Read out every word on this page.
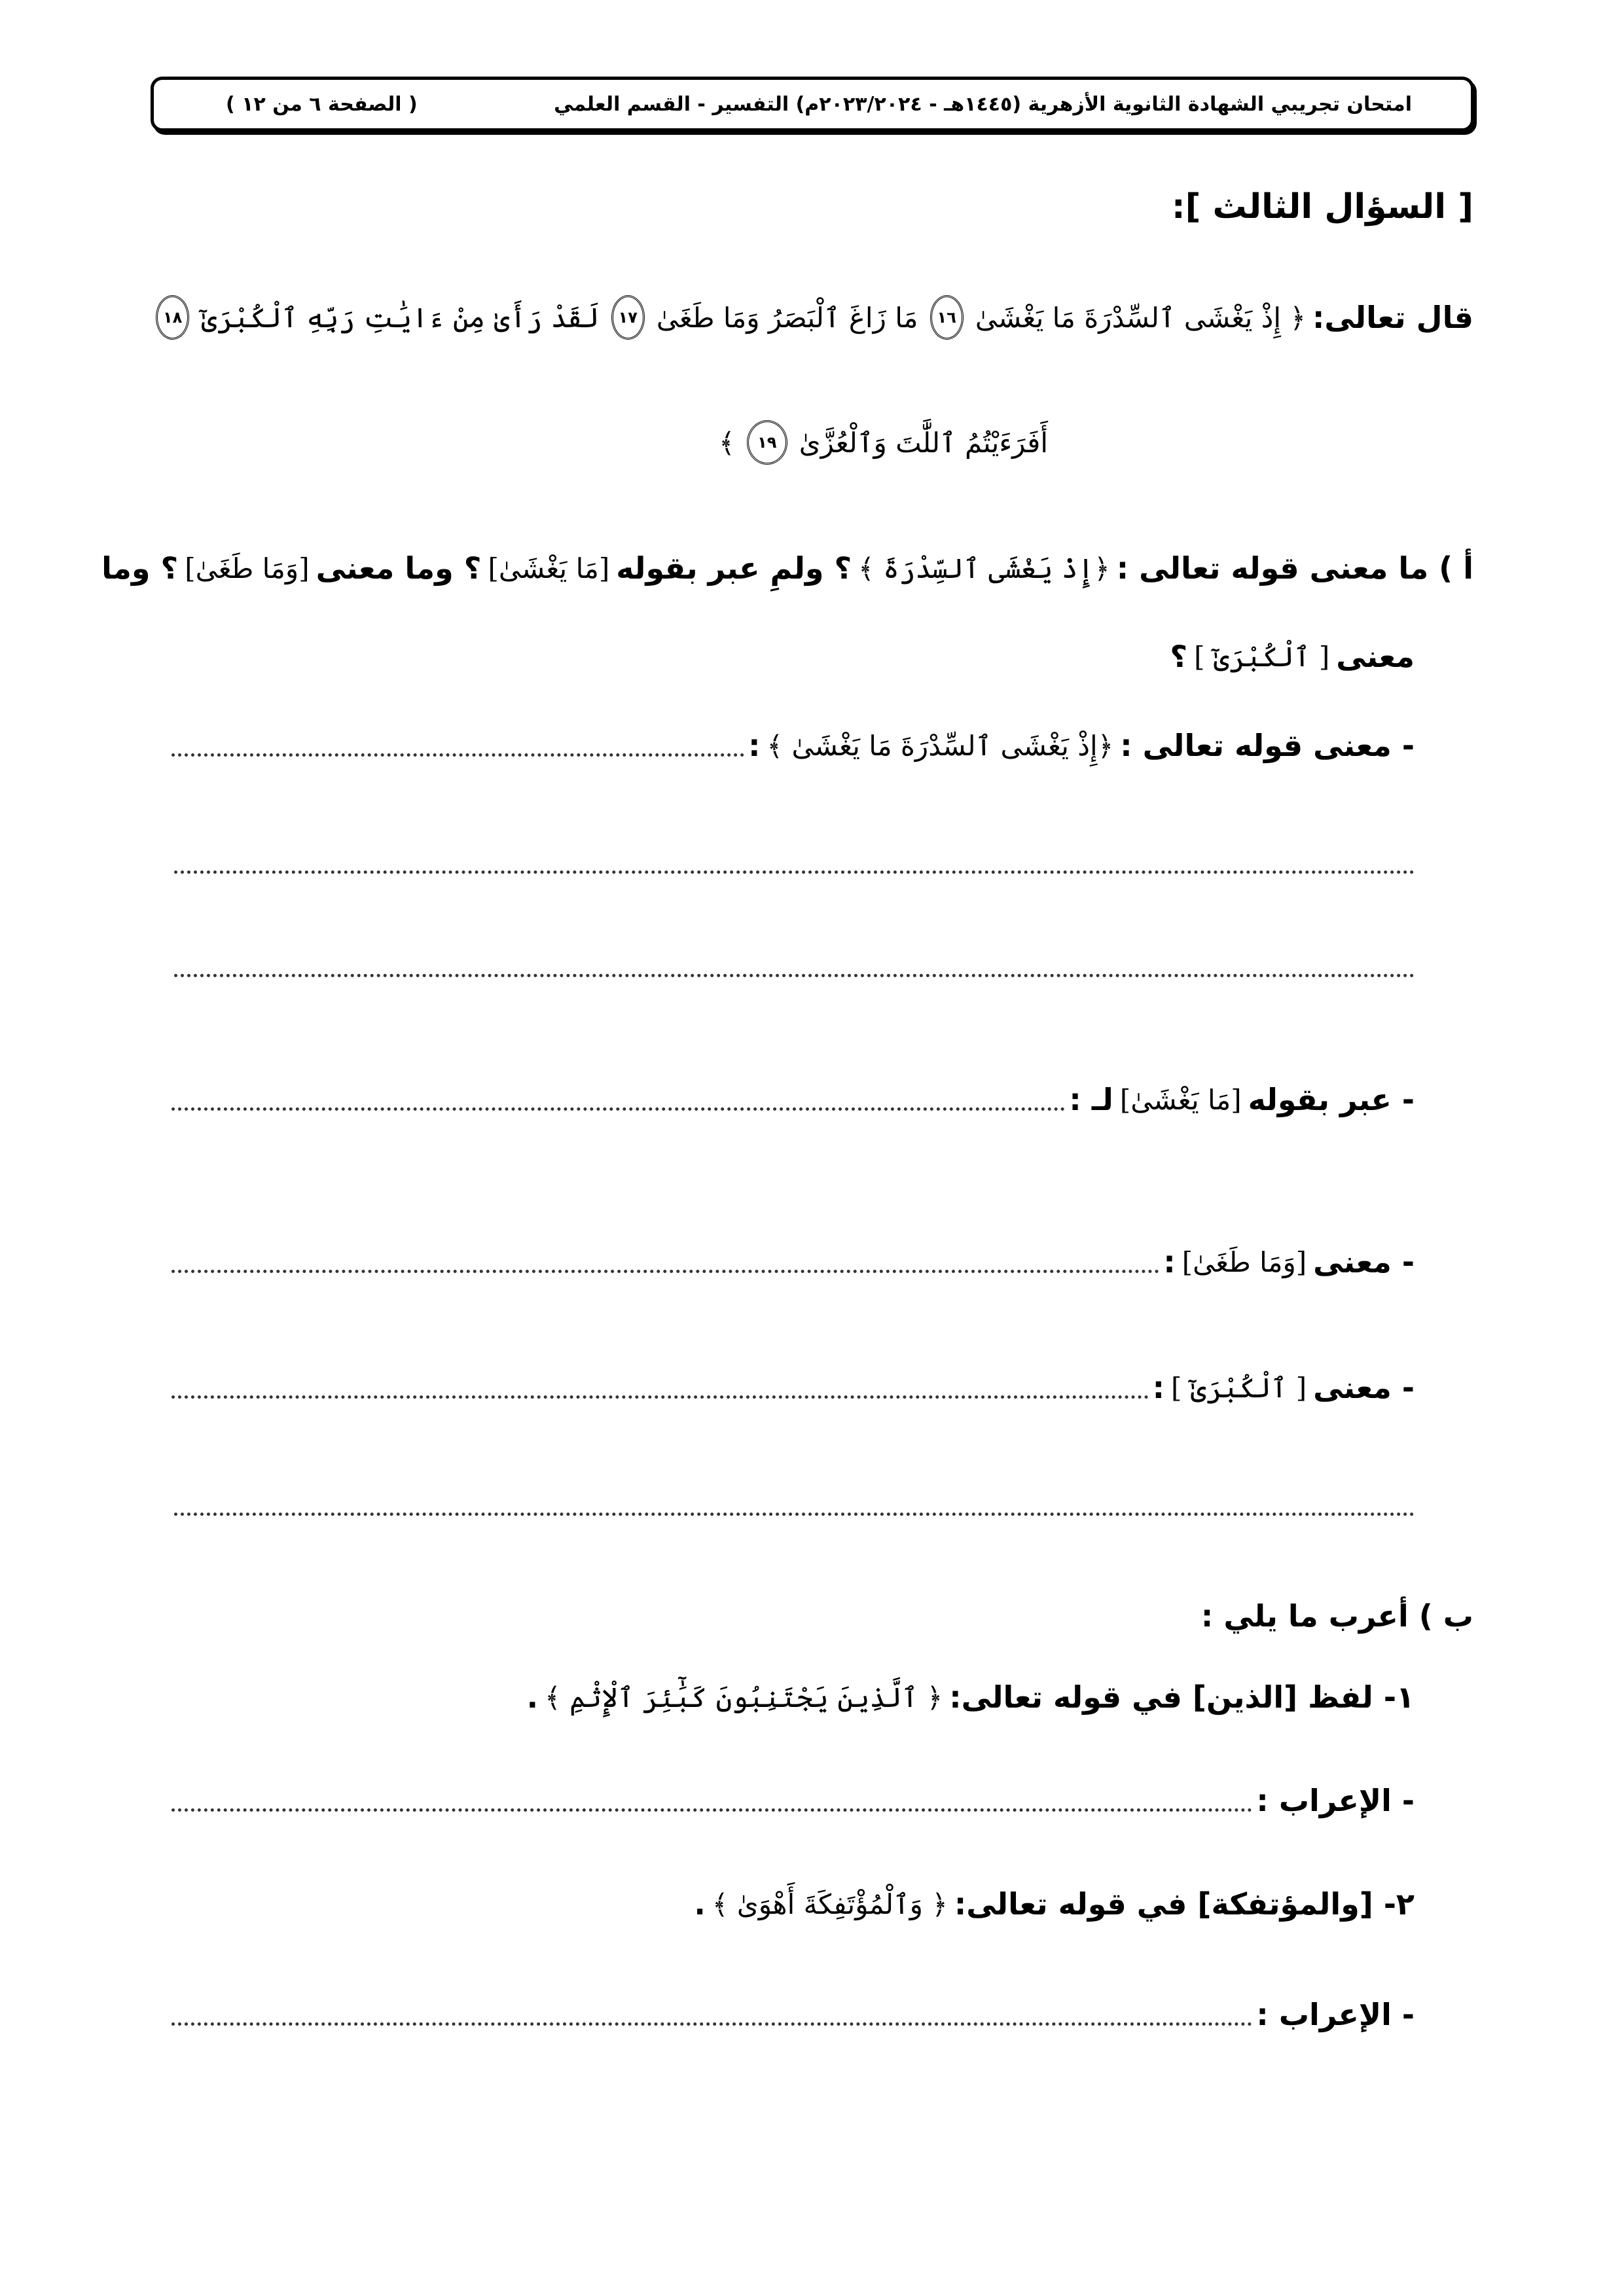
امتحان تجريبي الشهادة الثانوية الأزهرية (١٤٤٥هـ - ٢٠٢٣/٢٠٢٤م) التفسير - القسم العلمي
( الصفحة ٦ من ١٢ )
[ السؤال الثالث ]:
قال تعالى:
﴿ إِذْ يَغْشَى ٱلسِّدْرَةَ مَا يَغْشَىٰ
١٦
مَا زَاغَ ٱلْبَصَرُ وَمَا طَغَىٰ
١٧
لَقَدْ رَأَىٰ مِنْ ءَايَٰتِ رَبِّهِ ٱلْكُبْرَىٰٓ
١٨
أَفَرَءَيْتُمُ ٱللَّٰتَ وَٱلْعُزَّىٰ
١٩
﴾
أ ) ما معنى قوله تعالى :
﴿إِذْ يَغْشَى ٱلسِّدْرَةَ ﴾
؟ ولمِ عبر بقوله
[مَا يَغْشَىٰ]
؟ وما معنى
[وَمَا طَغَىٰ]
؟ وما
معنى
[ ٱلْكُبْرَىٰٓ ]
؟
- معنى قوله تعالى :
﴿إِذْ يَغْشَى ٱلسِّدْرَةَ مَا يَغْشَىٰ ﴾
:
- عبر بقوله
[مَا يَغْشَىٰ]
لـ :
- معنى
[وَمَا طَغَىٰ]
:
- معنى
[ ٱلْكُبْرَىٰٓ ]
:
ب ) أعرب ما يلي :
١- لفظ [الذين] في قوله تعالى:
﴿ ٱلَّذِينَ يَجْتَنِبُونَ كَبَٰٓئِرَ ٱلْإِثْمِ ﴾
.
- الإعراب :
٢- [والمؤتفكة] في قوله تعالى:
﴿ وَٱلْمُؤْتَفِكَةَ أَهْوَىٰ ﴾
.
- الإعراب :
